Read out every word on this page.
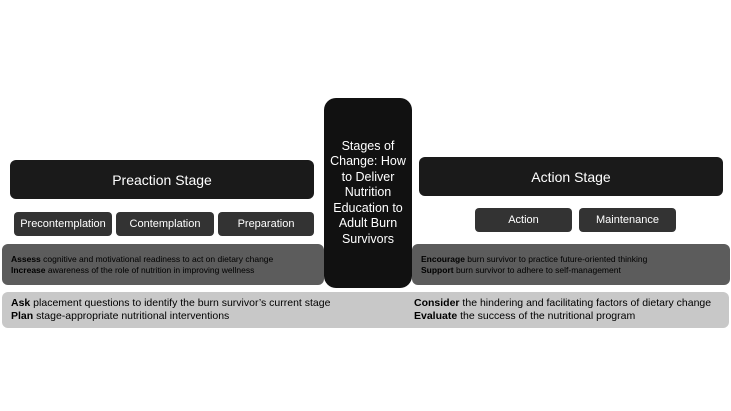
Ask placement questions to identify the burn survivor’s current stage
Plan stage-appropriate nutritional interventions
Consider the hindering and facilitating factors of dietary change
Evaluate the success of the nutritional program
Assess cognitive and motivational readiness to act on dietary change
Increase awareness of the role of nutrition in improving wellness
Encourage burn survivor to practice future-oriented thinking
Support burn survivor to adhere to self-management
Preaction Stage	Action Stage
Precontemplation Contemplation	Preparation	Action	Maintenance
Stages of Change: How to Deliver Nutrition Education to Adult Burn Survivors
